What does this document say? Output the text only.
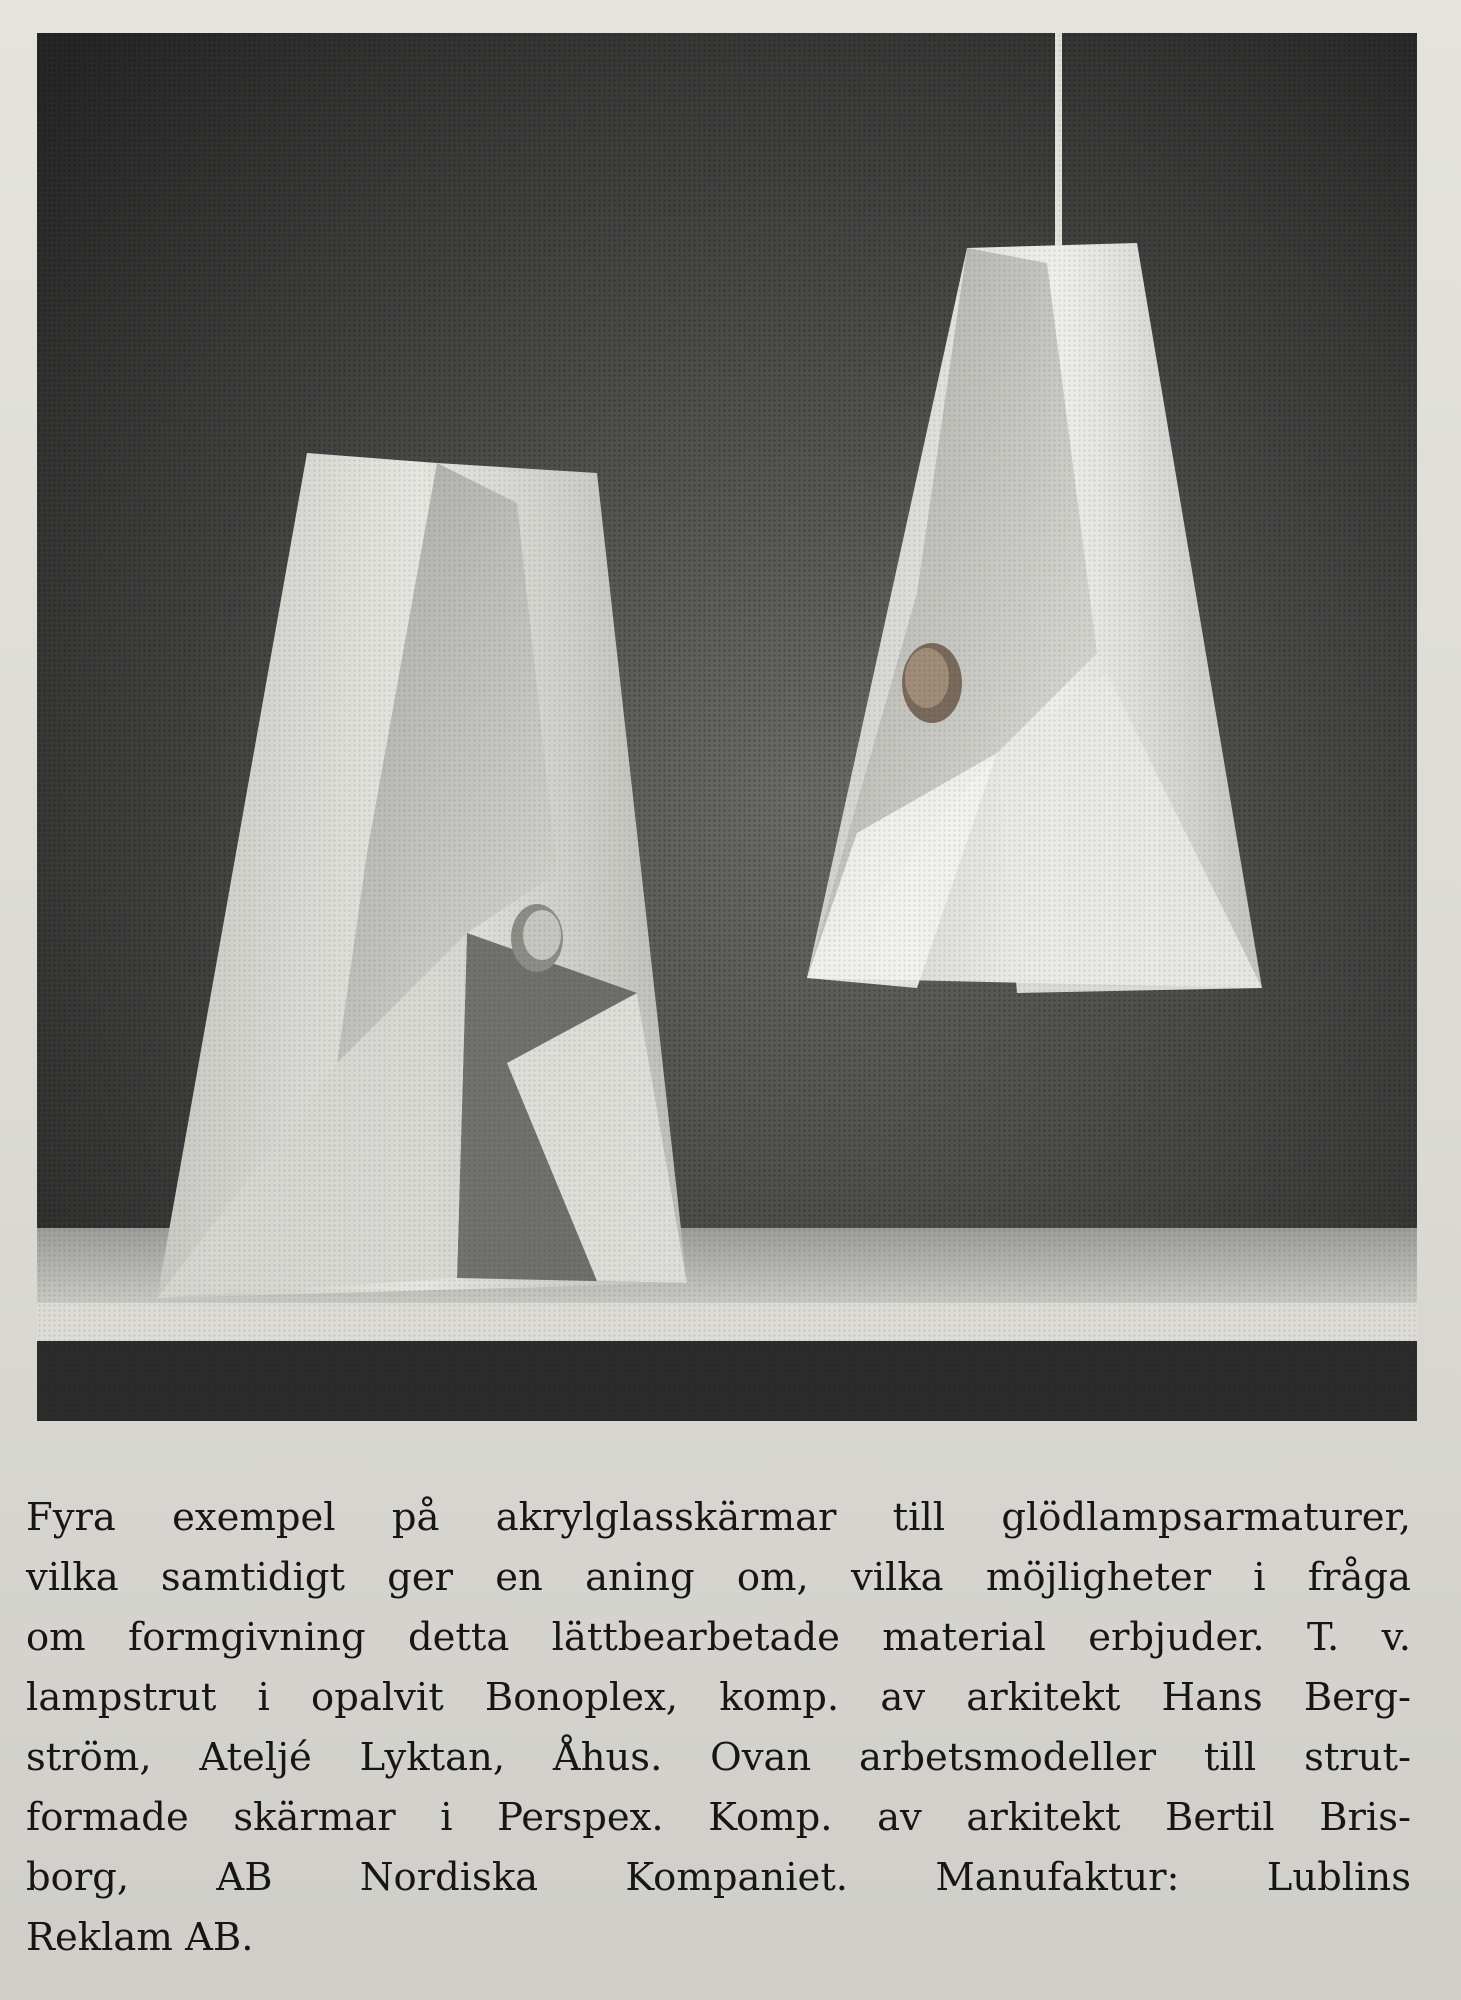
Fyra exempel på akrylglasskärmar till glödlampsarmaturer,
vilka samtidigt ger en aning om, vilka möjligheter i fråga
om formgivning detta lättbearbetade material erbjuder. T. v.
lampstrut i opalvit Bonoplex, komp. av arkitekt Hans Berg-
ström, Ateljé Lyktan, Åhus. Ovan arbetsmodeller till strut-
formade skärmar i Perspex. Komp. av arkitekt Bertil Bris-
borg, AB Nordiska Kompaniet. Manufaktur: Lublins
Reklam AB.
